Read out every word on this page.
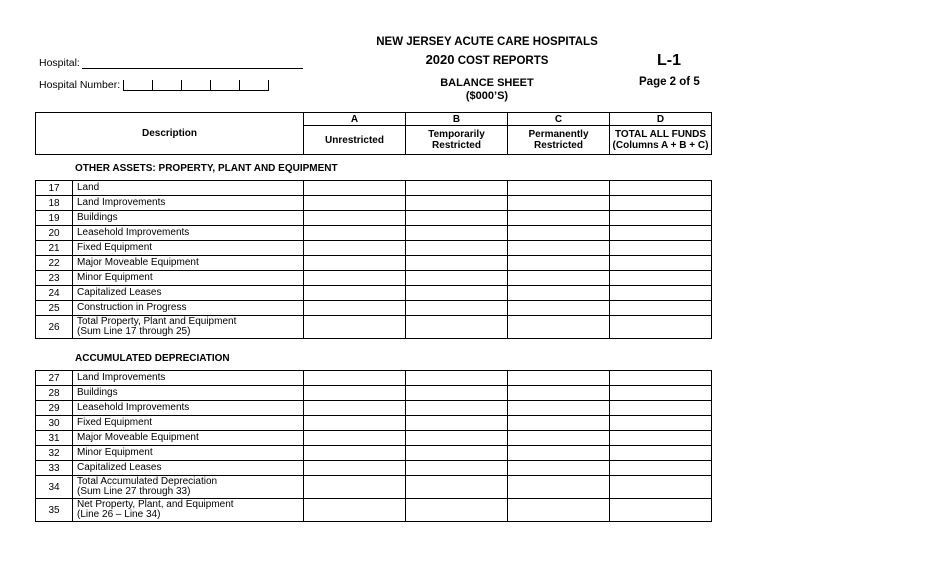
NEW JERSEY ACUTE CARE HOSPITALS
2020 COST REPORTS
BALANCE SHEET
($000’S)
L-1
Page 2 of 5
Hospital:
Hospital Number:
Description	A	B	C	D
	Unrestricted	Temporarily Restricted	Permanently Restricted	TOTAL ALL FUNDS (Columns A + B + C)
OTHER ASSETS: PROPERTY, PLANT AND EQUIPMENT
17	Land				

18	Land Improvements				

19	Buildings				

20	Leasehold Improvements				

21	Fixed Equipment				

22	Major Moveable Equipment				

23	Minor Equipment				

24	Capitalized Leases				

25	Construction in Progress				

26	Total Property, Plant and Equipment
(Sum Line 17 through 25)				

ACCUMULATED DEPRECIATION
27	Land Improvements				

28	Buildings				

29	Leasehold Improvements				

30	Fixed Equipment				

31	Major Moveable Equipment				

32	Minor Equipment				

33	Capitalized Leases				

34	Total Accumulated Depreciation
(Sum Line 27 through 33)				

35	Net Property, Plant, and Equipment
(Line 26 – Line 34)				
